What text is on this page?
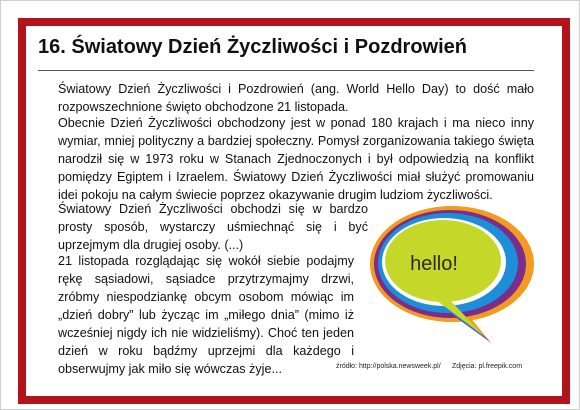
16. Światowy Dzień Życzliwości i Pozdrowień

Światowy Dzień Życzliwości i Pozdrowień (ang. World Hello Day) to dość mało rozpowszechnione święto obchodzone 21 listopada.

Obecnie Dzień Życzliwości obchodzony jest w ponad 180 krajach i ma nieco inny wymiar, mniej polityczny a bardziej społeczny. Pomysł zorganizowania takiego święta narodził się w 1973 roku w Stanach Zjednoczonych i był odpowiedzią na konflikt pomiędzy Egiptem i Izraelem. Światowy Dzień Życzliwości miał służyć promowaniu idei pokoju na całym świecie poprzez okazywanie drugim ludziom życzliwości.

Światowy Dzień Życzliwości obchodzi się w bardzo prosty sposób, wystarczy uśmiechnąć się i być uprzejmym dla drugiej osoby. (...)

21 listopada rozglądając się wokół siebie podajmy rękę sąsiadowi, sąsiadce przytrzymajmy drzwi, zróbmy niespodziankę obcym osobom mówiąc im „dzień dobry” lub życząc im „miłego dnia” (mimo iż wcześniej nigdy ich nie widzieliśmy). Choć ten jeden dzień w roku bądźmy uprzejmi dla każdego i obserwujmy jak miło się wówczas żyje...	źródło: http://polska.newsweek.pl/ Zdjęcia: pl.freepik.com
hello!
